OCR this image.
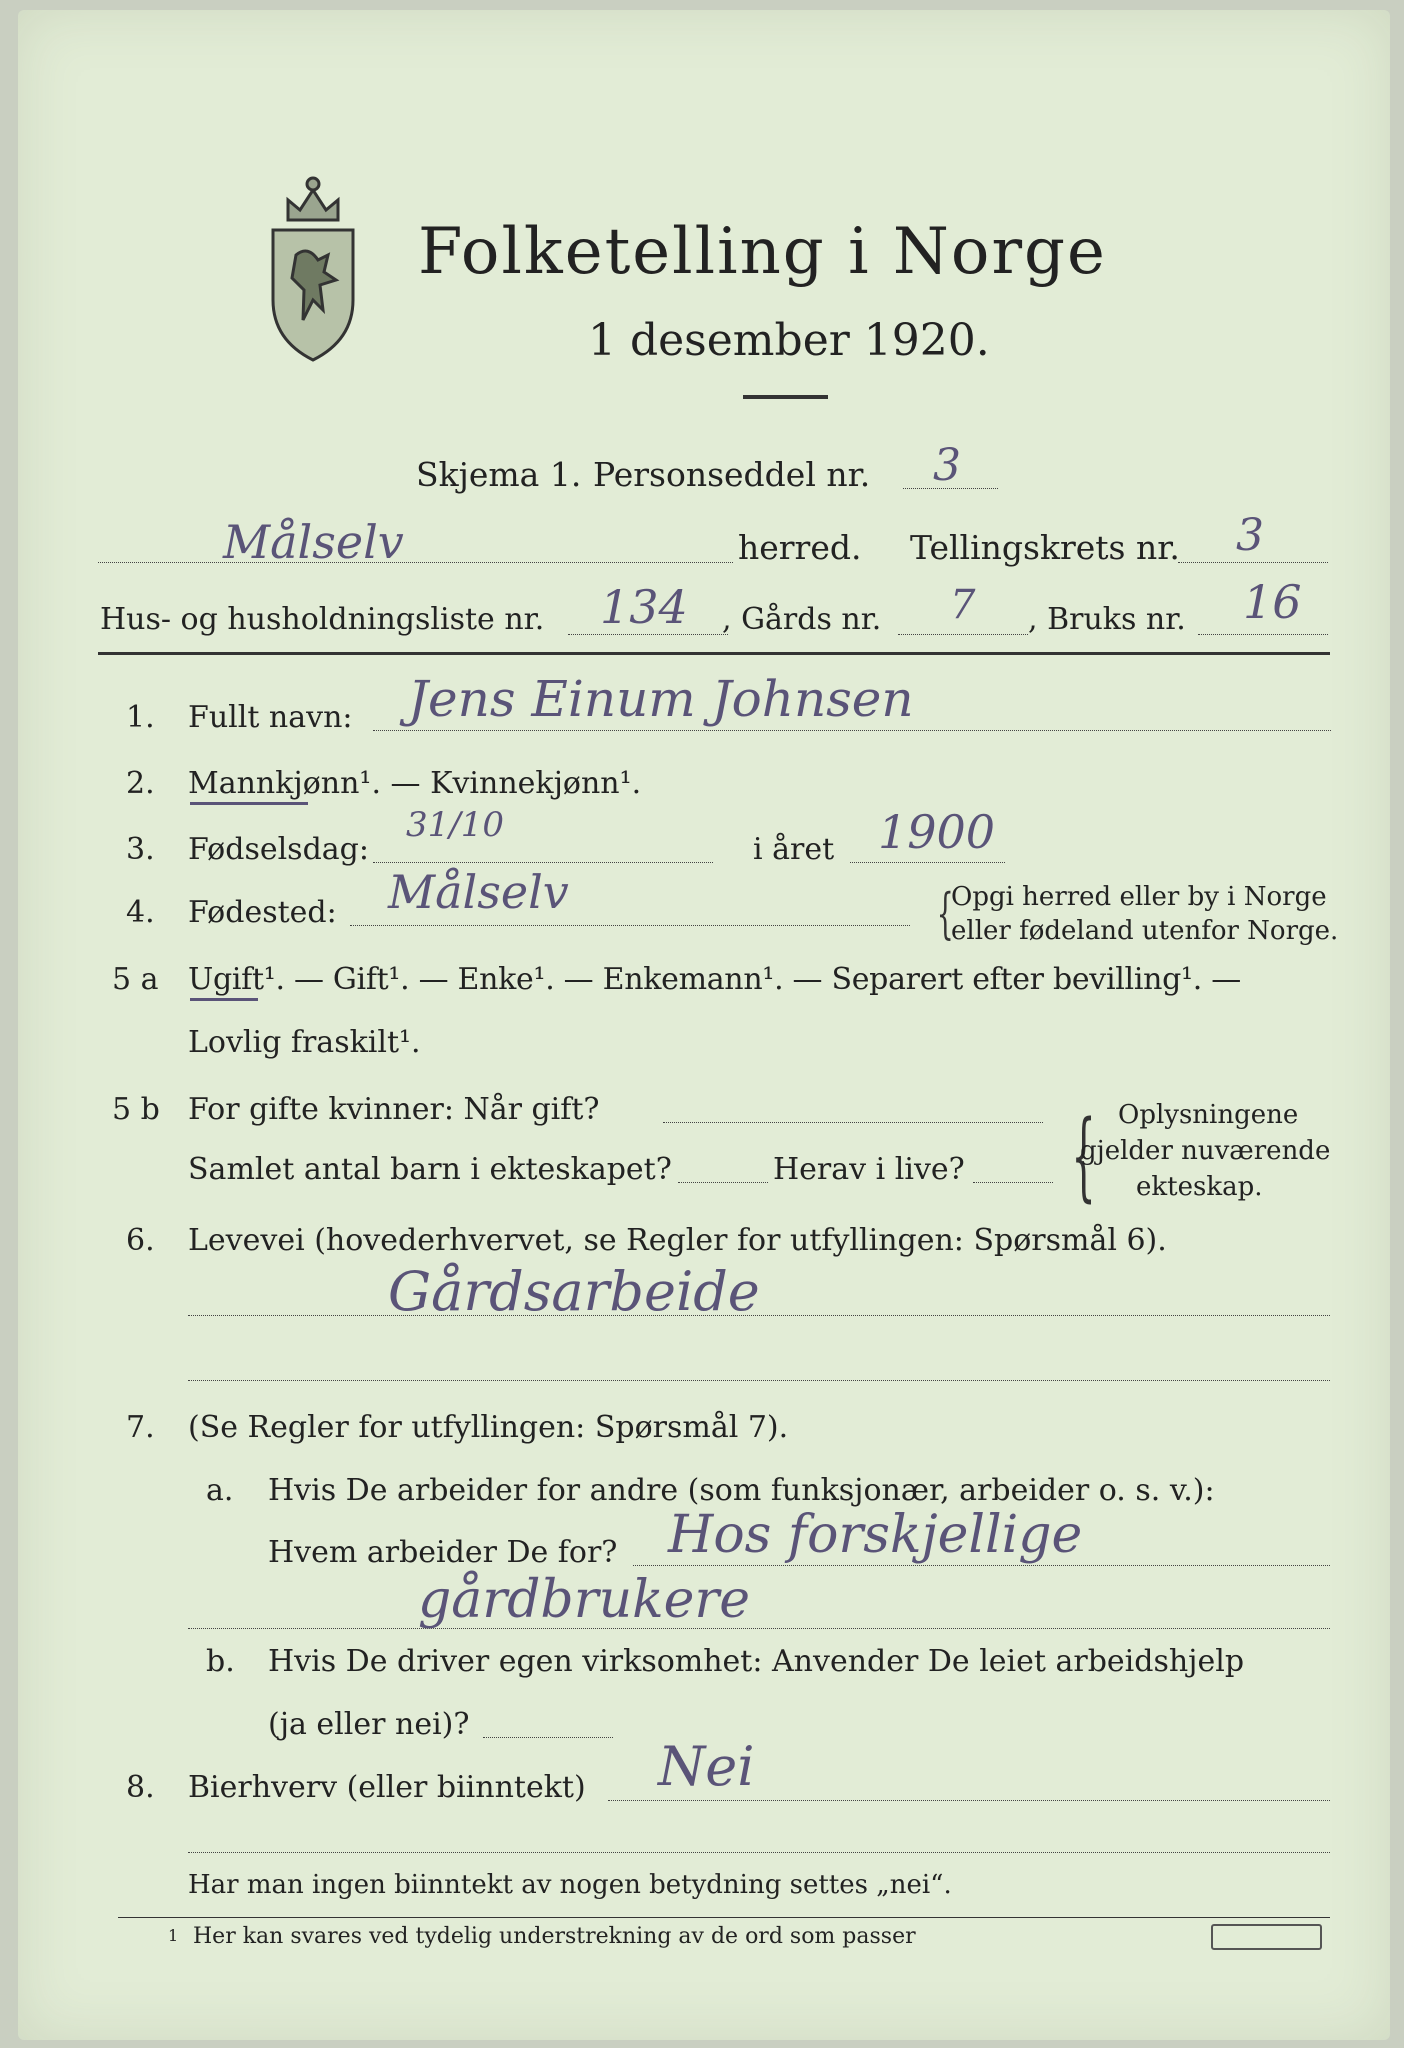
Folketelling i Norge
1 desember 1920.
Skjema 1. Personseddel nr. 3
Målselv	herred. Tellingskrets nr. 3
Hus- og husholdningsliste nr. 134 , Gårds nr. 7 , Bruks nr. 16
1. Fullt navn: Jens Einum Johnsen
2. Mannkjønn¹. — Kvinnekjønn¹.
3. Fødselsdag:
31/10
i året 1900
4. Fødested: Målselv	{
Opgi herred eller by i Norge
eller fødeland utenfor Norge.
5 a Ugift¹. — Gift¹. — Enke¹. — Enkemann¹. — Separert efter bevilling¹. —
Lovlig fraskilt¹.
5 b For gifte kvinner: Når gift?
Samlet antal barn i ekteskapet?	Herav i live? { Oplysningene
gjelder nuværende
ekteskap.
6. Levevei (hovederhvervet, se Regler for utfyllingen: Spørsmål 6).
Gårdsarbeide
7. (Se Regler for utfyllingen: Spørsmål 7).
a. Hvis De arbeider for andre (som funksjonær, arbeider o. s. v.):
Hvem arbeider De for? Hos forskjellige
gårdbrukere
b. Hvis De driver egen virksomhet: Anvender De leiet arbeidshjelp
(ja eller nei)?
8. Bierhverv (eller biinntekt) Nei
Har man ingen biinntekt av nogen betydning settes „nei“.
1 Her kan svares ved tydelig understrekning av de ord som passer
